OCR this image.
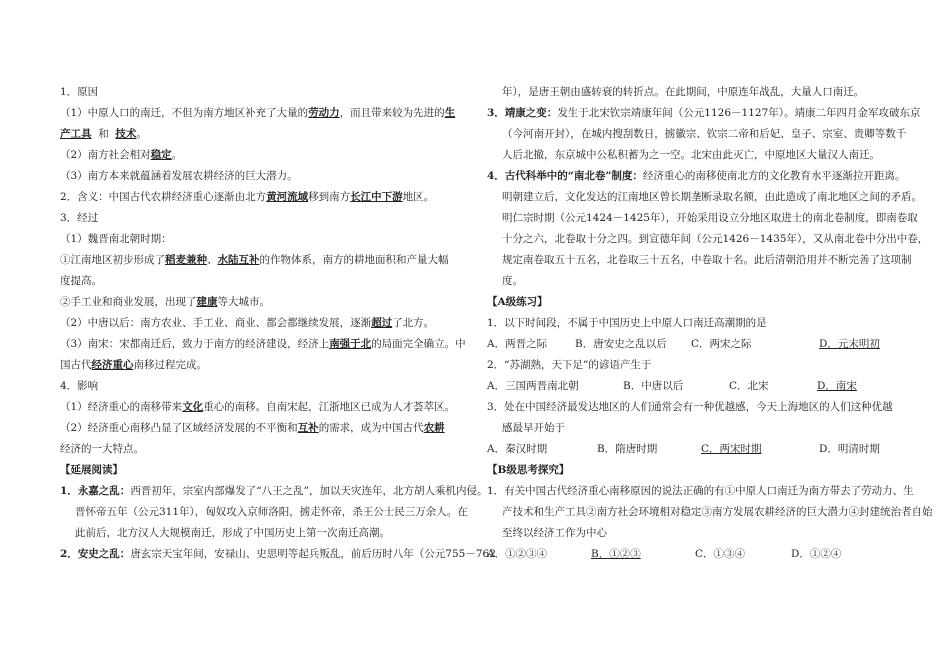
1．原因
（1）中原人口的南迁，不但为南方地区补充了大量的劳动力，而且带来较为先进的生
产工具 和 技术。
（2）南方社会相对稳定。
（3）南方本来就蕴涵着发展农耕经济的巨大潜力。
2．含义：中国古代农耕经济重心逐渐由北方黄河流域移到南方长江中下游地区。
3．经过
（1）魏晋南北朝时期：
①江南地区初步形成了稻麦兼种、水陆互补的作物体系，南方的耕地面积和产量大幅
度提高。
②手工业和商业发展，出现了建康等大城市。
（2）中唐以后：南方农业、手工业、商业、都会都继续发展，逐渐超过了北方。
（3）南宋：宋都南迁后，致力于南方的经济建设，经济上南强于北的局面完全确立。中
国古代经济重心南移过程完成。
4．影响
（1）经济重心的南移带来文化重心的南移。自南宋起，江浙地区已成为人才荟萃区。
（2）经济重心南移凸显了区域经济发展的不平衡和互补的需求，成为中国古代农耕
经济的一大特点。
【延展阅读】
1．永嘉之乱：西晋初年，宗室内部爆发了“八王之乱”，加以天灾连年，北方胡人乘机内侵。
晋怀帝五年（公元311年），匈奴攻入京师洛阳，掳走怀帝，杀王公士民三万余人。在
此前后，北方汉人大规模南迁，形成了中国历史上第一次南迁高潮。
2．安史之乱：唐玄宗天宝年间，安禄山、史思明等起兵叛乱，前后历时八年（公元755－762
年），是唐王朝由盛转衰的转折点。在此期间，中原连年战乱，大量人口南迁。
3．靖康之变：发生于北宋钦宗靖康年间（公元1126－1127年）。靖康二年四月金军攻破东京
（今河南开封），在城内搜刮数日，掳徽宗、钦宗二帝和后妃、皇子、宗室、贵卿等数千
人后北撤，东京城中公私积蓄为之一空。北宋由此灭亡，中原地区大量汉人南迁。
4．古代科举中的“南北卷”制度：经济重心的南移使南北方的文化教育水平逐渐拉开距离。
明朝建立后，文化发达的江南地区曾长期垄断录取名额，由此造成了南北地区之间的矛盾。
明仁宗时期（公元1424－1425年），开始采用设立分地区取进士的南北卷制度，即南卷取
十分之六，北卷取十分之四。到宣德年间（公元1426－1435年），又从南北卷中分出中卷，
规定南卷取五十五名，北卷取三十五名，中卷取十名。此后清朝沿用并不断完善了这项制
度。
【A级练习】
1．以下时间段，不属于中国历史上中原人口南迁高潮期的是
A．两晋之际	B．唐安史之乱以后 C．两宋之际	D．元末明初
2．“苏湖熟，天下足”的谚语产生于
A．三国两晋南北朝	B．中唐以后	C．北宋	D．南宋
3．处在中国经济最发达地区的人们通常会有一种优越感，今天上海地区的人们这种优越
感最早开始于
A．秦汉时期	B．隋唐时期	C．两宋时期	D．明清时期
【B级思考探究】
1．有关中国古代经济重心南移原因的说法正确的有①中原人口南迁为南方带去了劳动力、生
产技术和生产工具②南方社会环境相对稳定③南方发展农耕经济的巨大潜力④封建统治者自始
至终以经济工作为中心
A．①②③④	B．①②③	C．①③④	D．①②④
